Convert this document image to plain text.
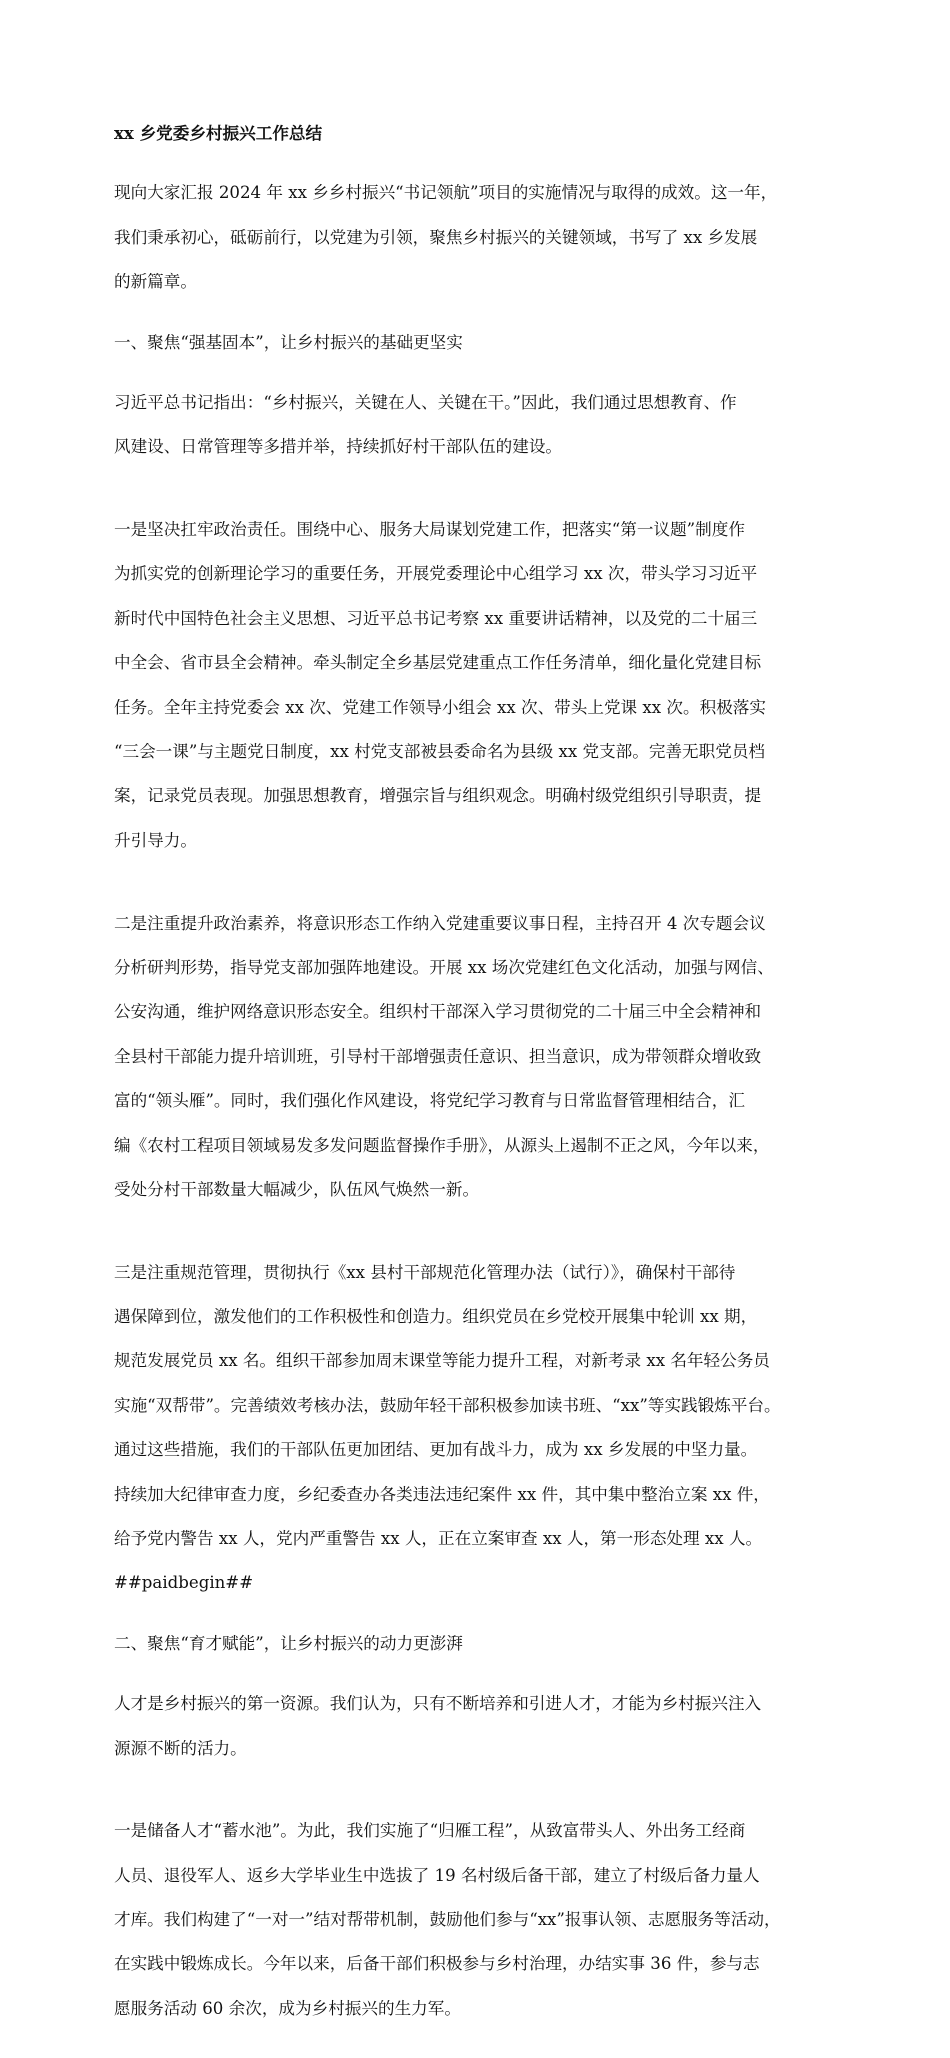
xx 乡党委乡村振兴工作总结

现向大家汇报 2024 年 xx 乡乡村振兴“书记领航”项目的实施情况与取得的成效。这一年，

我们秉承初心，砥砺前行，以党建为引领，聚焦乡村振兴的关键领域，书写了 xx 乡发展

的新篇章。

一、聚焦“强基固本”，让乡村振兴的基础更坚实

习近平总书记指出：“乡村振兴，关键在人、关键在干。”因此，我们通过思想教育、作

风建设、日常管理等多措并举，持续抓好村干部队伍的建设。

一是坚决扛牢政治责任。围绕中心、服务大局谋划党建工作，把落实“第一议题”制度作

为抓实党的创新理论学习的重要任务，开展党委理论中心组学习 xx 次，带头学习习近平

新时代中国特色社会主义思想、习近平总书记考察 xx 重要讲话精神，以及党的二十届三

中全会、省市县全会精神。牵头制定全乡基层党建重点工作任务清单，细化量化党建目标

任务。全年主持党委会 xx 次、党建工作领导小组会 xx 次、带头上党课 xx 次。积极落实

“三会一课”与主题党日制度，xx 村党支部被县委命名为县级 xx 党支部。完善无职党员档

案，记录党员表现。加强思想教育，增强宗旨与组织观念。明确村级党组织引导职责，提

升引导力。

二是注重提升政治素养，将意识形态工作纳入党建重要议事日程，主持召开 4 次专题会议

分析研判形势，指导党支部加强阵地建设。开展 xx 场次党建红色文化活动，加强与网信、

公安沟通，维护网络意识形态安全。组织村干部深入学习贯彻党的二十届三中全会精神和

全县村干部能力提升培训班，引导村干部增强责任意识、担当意识，成为带领群众增收致

富的“领头雁”。同时，我们强化作风建设，将党纪学习教育与日常监督管理相结合，汇

编《农村工程项目领域易发多发问题监督操作手册》，从源头上遏制不正之风，今年以来，

受处分村干部数量大幅减少，队伍风气焕然一新。

三是注重规范管理，贯彻执行《xx 县村干部规范化管理办法（试行）》，确保村干部待

遇保障到位，激发他们的工作积极性和创造力。组织党员在乡党校开展集中轮训 xx 期，

规范发展党员 xx 名。组织干部参加周末课堂等能力提升工程，对新考录 xx 名年轻公务员

实施“双帮带”。完善绩效考核办法，鼓励年轻干部积极参加读书班、“xx”等实践锻炼平台。

通过这些措施，我们的干部队伍更加团结、更加有战斗力，成为 xx 乡发展的中坚力量。

持续加大纪律审查力度，乡纪委查办各类违法违纪案件 xx 件，其中集中整治立案 xx 件，

给予党内警告 xx 人，党内严重警告 xx 人，正在立案审查 xx 人，第一形态处理 xx 人。

##paidbegin##

二、聚焦“育才赋能”，让乡村振兴的动力更澎湃

人才是乡村振兴的第一资源。我们认为，只有不断培养和引进人才，才能为乡村振兴注入

源源不断的活力。

一是储备人才“蓄水池”。为此，我们实施了“归雁工程”，从致富带头人、外出务工经商

人员、退役军人、返乡大学毕业生中选拔了 19 名村级后备干部，建立了村级后备力量人

才库。我们构建了“一对一”结对帮带机制，鼓励他们参与“xx”报事认领、志愿服务等活动，

在实践中锻炼成长。今年以来，后备干部们积极参与乡村治理，办结实事 36 件，参与志

愿服务活动 60 余次，成为乡村振兴的生力军。
